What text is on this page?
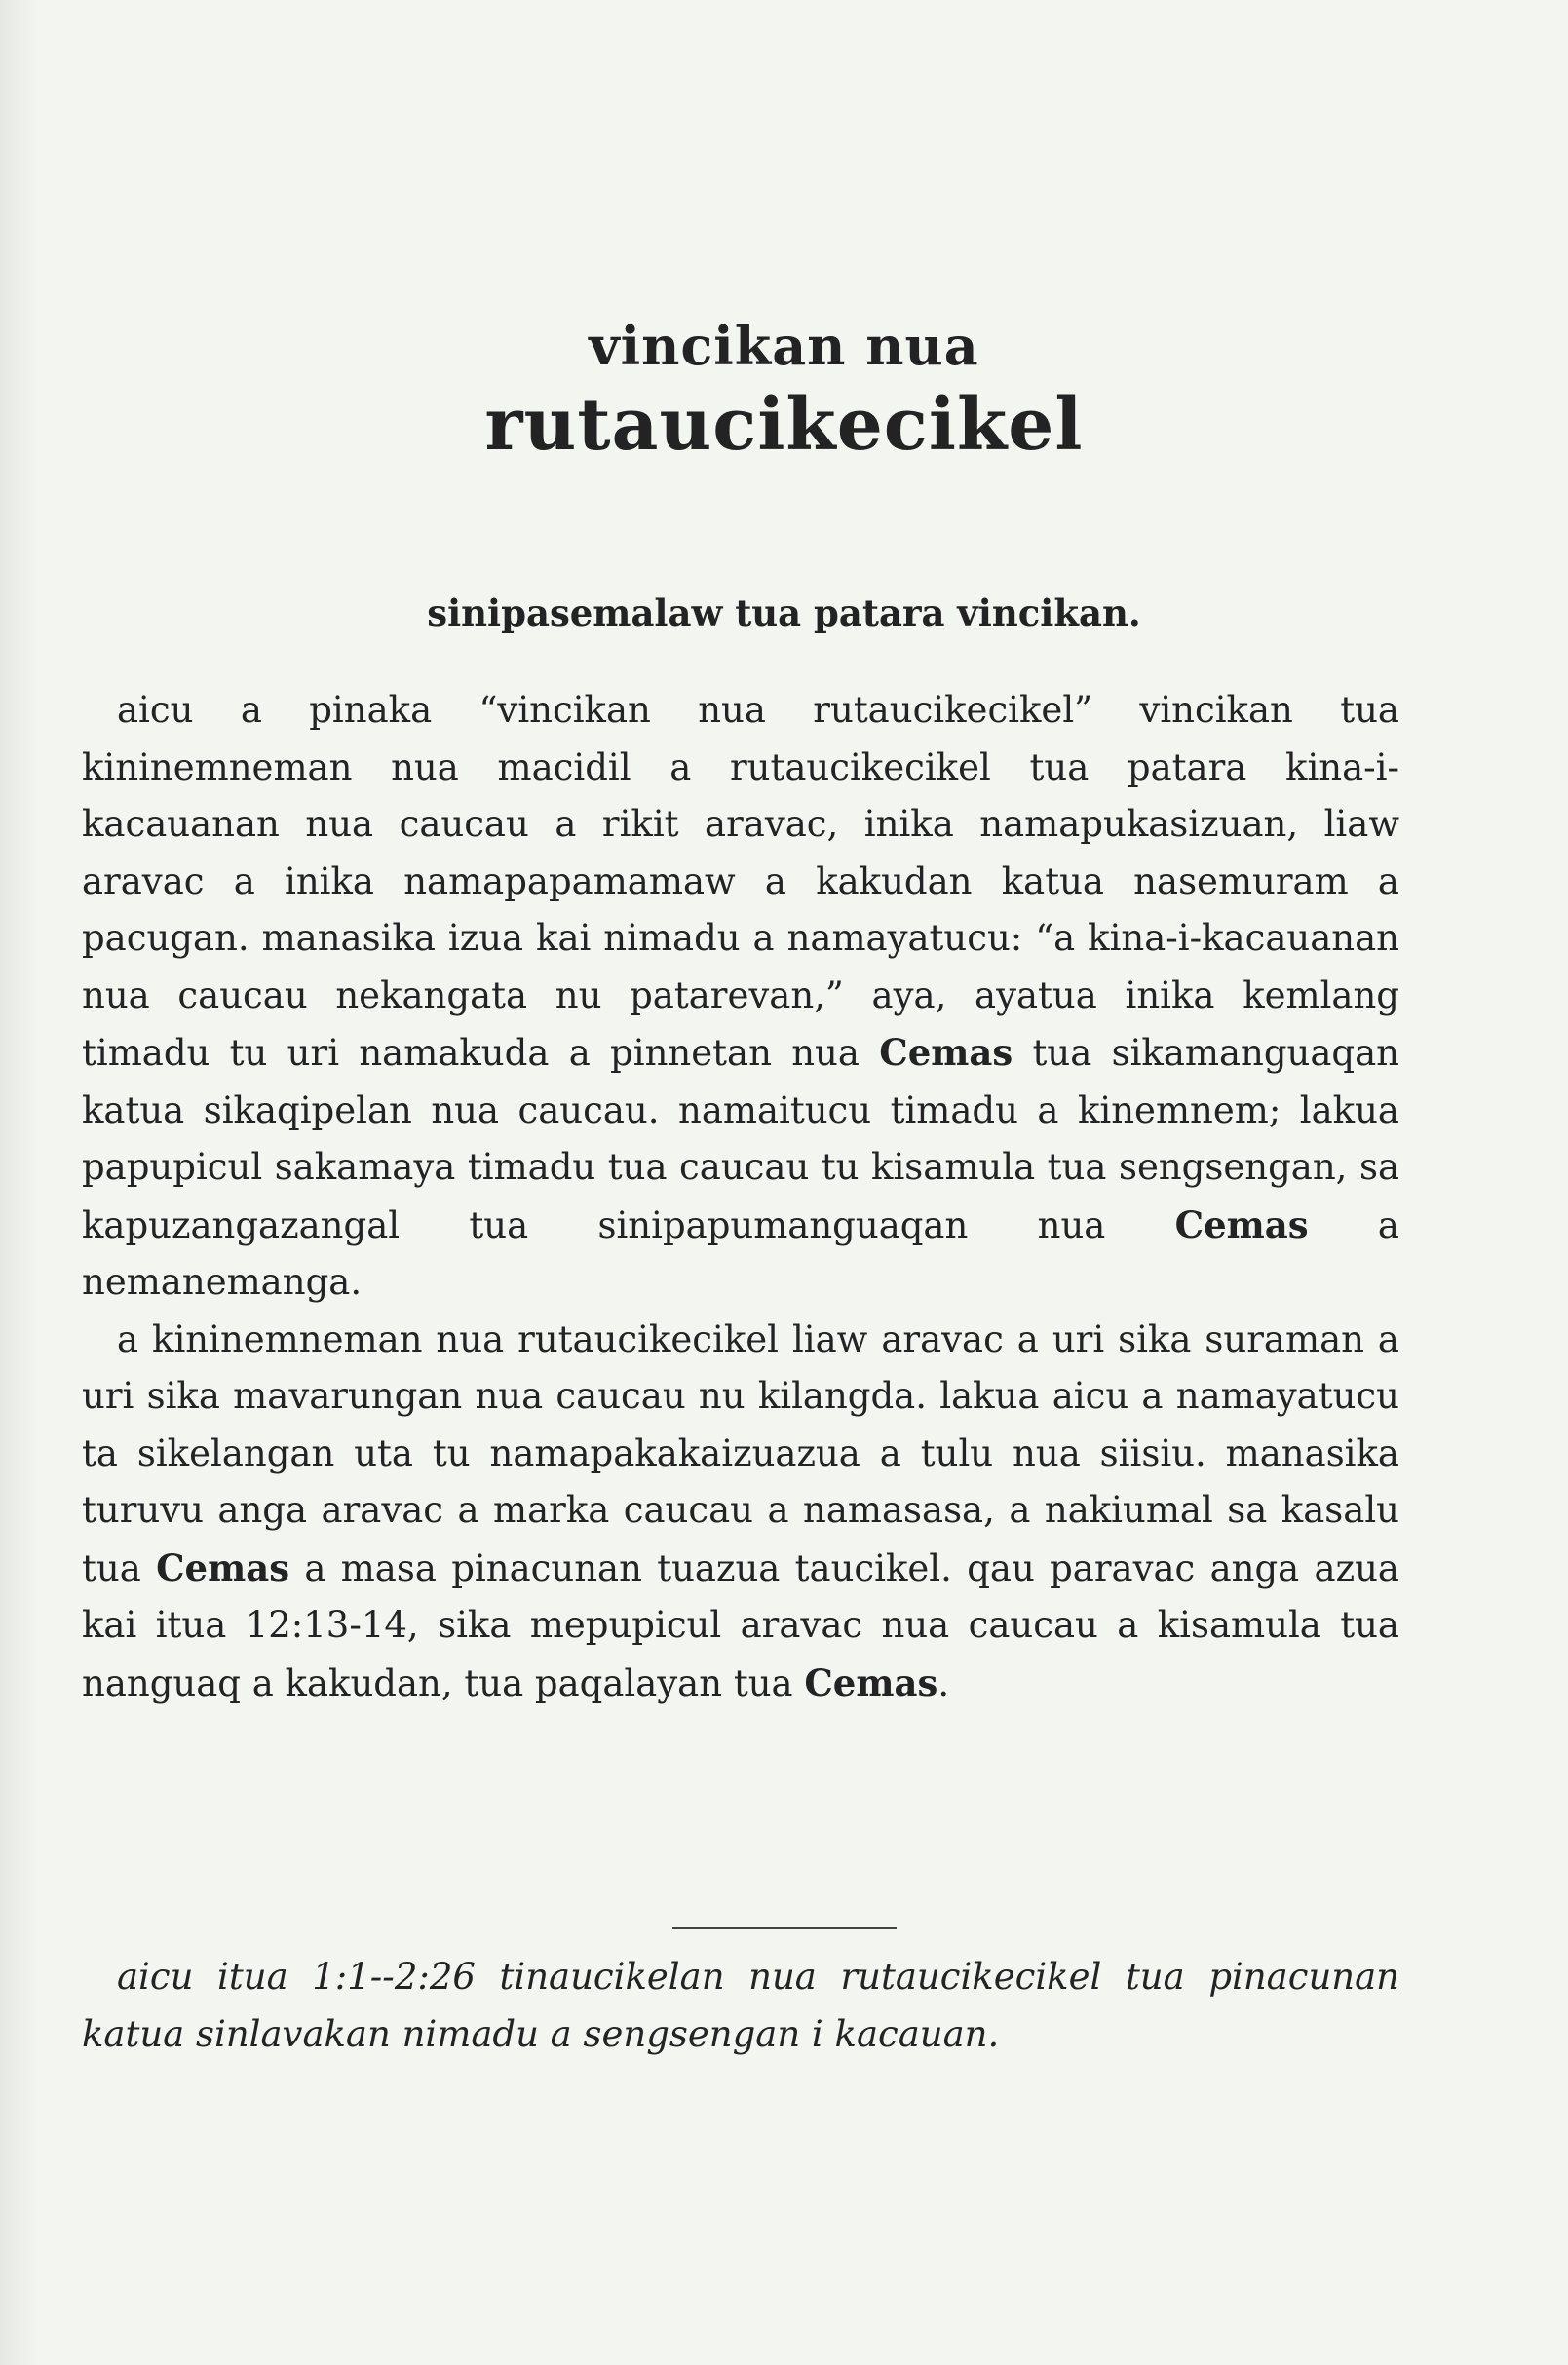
vincikan nua
rutaucikecikel
sinipasemalaw tua patara vincikan.

aicu a pinaka “vincikan nua rutaucikecikel” vincikan tua kininemneman nua macidil a rutaucikecikel tua patara kina-i-kacauanan nua caucau a rikit aravac, inika namapukasizuan, liaw aravac a inika namapapamamaw a kakudan katua nasemuram a pacugan. manasika izua kai nimadu a namayatucu: “a kina-i-kacauanan nua caucau nekangata nu patarevan,” aya, ayatua inika kemlang timadu tu uri namakuda a pinnetan nua Cemas tua sikamanguaqan katua sikaqipelan nua caucau. namaitucu timadu a kinemnem; lakua papupicul sakamaya timadu tua caucau tu kisamula tua sengsengan, sa kapuzangazangal tua sinipapumanguaqan nua Cemas a nemanemanga.

a kininemneman nua rutaucikecikel liaw aravac a uri sika suraman a uri sika mavarungan nua caucau nu kilangda. lakua aicu a namayatucu ta sikelangan uta tu namapakakaizuazua a tulu nua siisiu. manasika turuvu anga aravac a marka caucau a namasasa, a nakiumal sa kasalu tua Cemas a masa pinacunan tuazua taucikel. qau paravac anga azua kai itua 12:13-14, sika mepupicul aravac nua caucau a kisamula tua nanguaq a kakudan, tua paqalayan tua Cemas.

aicu itua 1:1--2:26 tinaucikelan nua rutaucikecikel tua pinacunan katua sinlavakan nimadu a sengsengan i kacauan.
